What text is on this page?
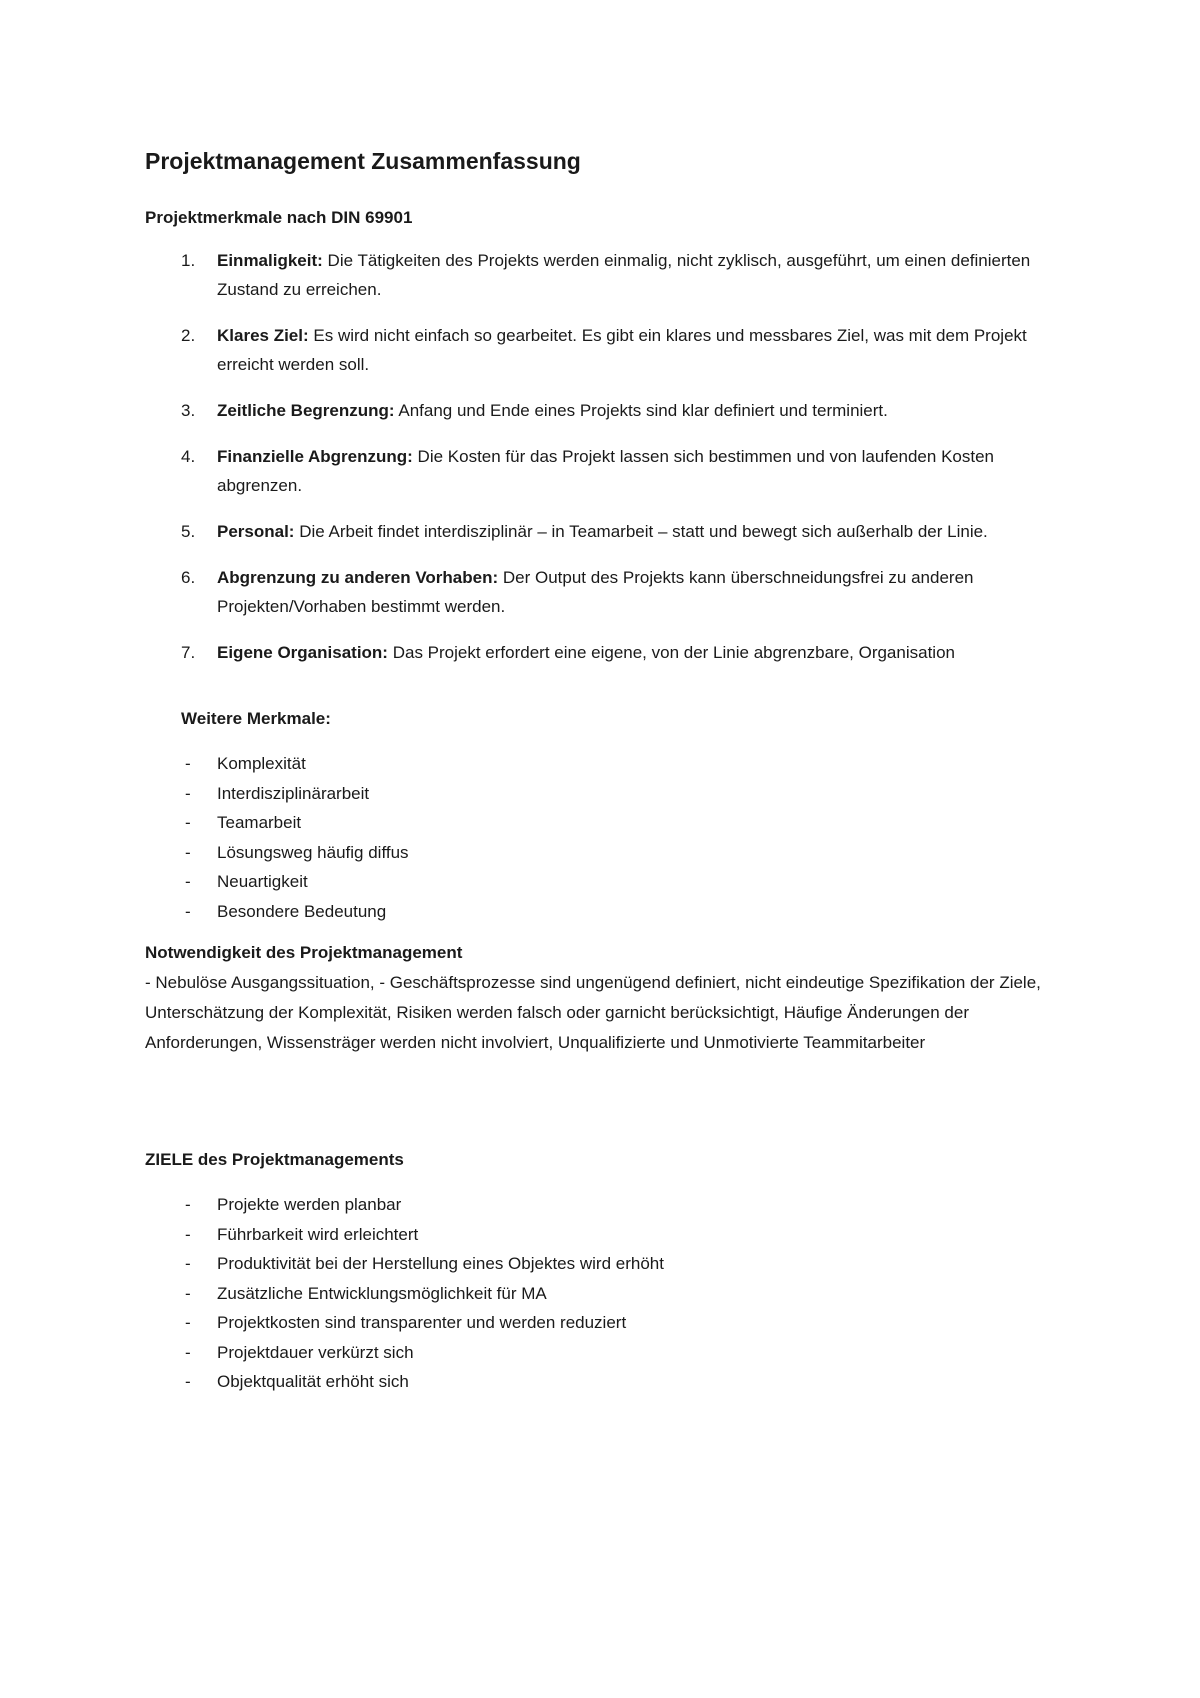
Projektmanagement Zusammenfassung
Projektmerkmale nach DIN 69901
1. Einmaligkeit: Die Tätigkeiten des Projekts werden einmalig, nicht zyklisch, ausgeführt, um einen definierten Zustand zu erreichen.
2. Klares Ziel: Es wird nicht einfach so gearbeitet. Es gibt ein klares und messbares Ziel, was mit dem Projekt erreicht werden soll.
3. Zeitliche Begrenzung: Anfang und Ende eines Projekts sind klar definiert und terminiert.
4. Finanzielle Abgrenzung: Die Kosten für das Projekt lassen sich bestimmen und von laufenden Kosten abgrenzen.
5. Personal: Die Arbeit findet interdisziplinär – in Teamarbeit – statt und bewegt sich außerhalb der Linie.
6. Abgrenzung zu anderen Vorhaben: Der Output des Projekts kann überschneidungsfrei zu anderen Projekten/Vorhaben bestimmt werden.
7. Eigene Organisation: Das Projekt erfordert eine eigene, von der Linie abgrenzbare, Organisation
Weitere Merkmale:
- Komplexität
- Interdisziplinärarbeit
- Teamarbeit
- Lösungsweg häufig diffus
- Neuartigkeit
- Besondere Bedeutung
Notwendigkeit des Projektmanagement

- Nebulöse Ausgangssituation, - Geschäftsprozesse sind ungenügend definiert, nicht eindeutige Spezifikation der Ziele, Unterschätzung der Komplexität, Risiken werden falsch oder garnicht berücksichtigt, Häufige Änderungen der Anforderungen, Wissensträger werden nicht involviert, Unqualifizierte und Unmotivierte Teammitarbeiter

ZIELE des Projektmanagements
- Projekte werden planbar
- Führbarkeit wird erleichtert
- Produktivität bei der Herstellung eines Objektes wird erhöht
- Zusätzliche Entwicklungsmöglichkeit für MA
- Projektkosten sind transparenter und werden reduziert
- Projektdauer verkürzt sich
- Objektqualität erhöht sich
